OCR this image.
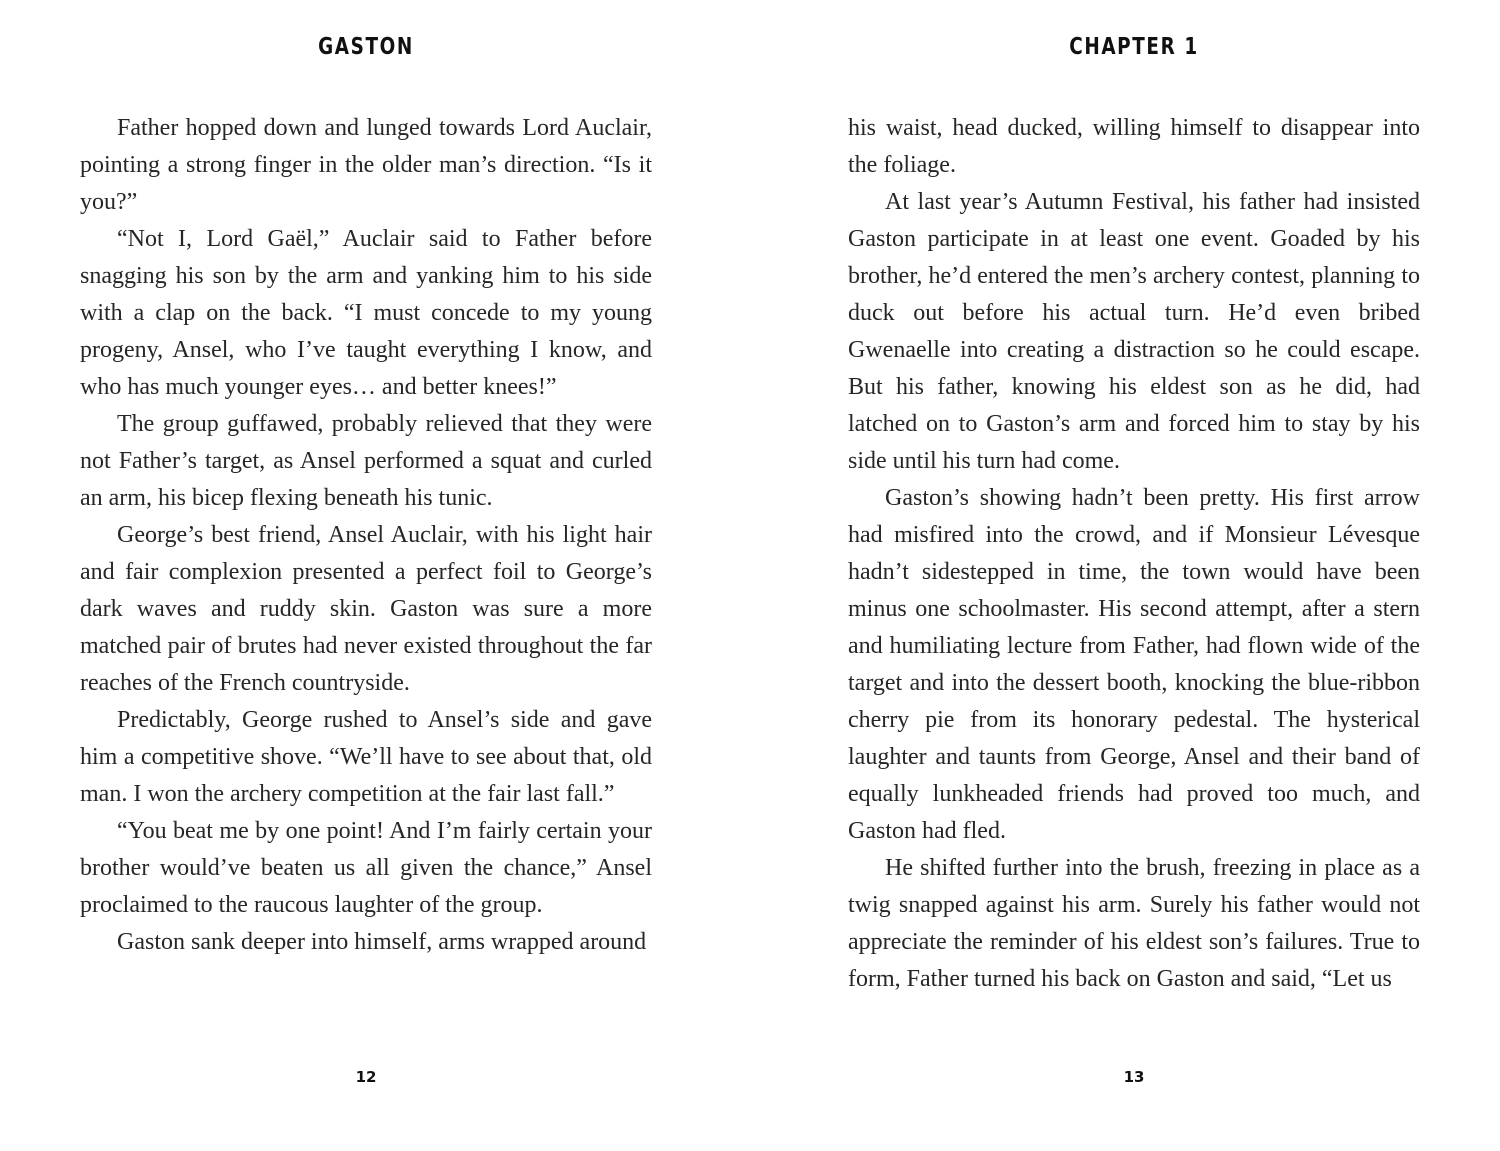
GASTON

Father hopped down and lunged towards Lord Auclair, pointing a strong finger in the older man’s direction. “Is it you?”

“Not I, Lord Gaël,” Auclair said to Father before snagging his son by the arm and yanking him to his side with a clap on the back. “I must concede to my young progeny, Ansel, who I’ve taught everything I know, and who has much younger eyes… and better knees!”

The group guffawed, probably relieved that they were not Father’s target, as Ansel performed a squat and curled an arm, his bicep flexing beneath his tunic.

George’s best friend, Ansel Auclair, with his light hair and fair complexion presented a perfect foil to George’s dark waves and ruddy skin. Gaston was sure a more matched pair of brutes had never existed throughout the far reaches of the French countryside.

Predictably, George rushed to Ansel’s side and gave him a competitive shove. “We’ll have to see about that, old man. I won the archery competition at the fair last fall.”

“You beat me by one point! And I’m fairly certain your brother would’ve beaten us all given the chance,” Ansel proclaimed to the raucous laughter of the group.

Gaston sank deeper into himself, arms wrapped around

12
CHAPTER 1

his waist, head ducked, willing himself to disappear into the foliage.

At last year’s Autumn Festival, his father had insisted Gaston participate in at least one event. Goaded by his brother, he’d entered the men’s archery contest, planning to duck out before his actual turn. He’d even bribed Gwenaelle into creating a distraction so he could escape. But his father, knowing his eldest son as he did, had latched on to Gaston’s arm and forced him to stay by his side until his turn had come.

Gaston’s showing hadn’t been pretty. His first arrow had misfired into the crowd, and if Monsieur Lévesque hadn’t sidestepped in time, the town would have been minus one schoolmaster. His second attempt, after a stern and humiliating lecture from Father, had flown wide of the target and into the dessert booth, knocking the blue-ribbon cherry pie from its honorary pedestal. The hysterical laughter and taunts from George, Ansel and their band of equally lunkheaded friends had proved too much, and Gaston had fled.

He shifted further into the brush, freezing in place as a twig snapped against his arm. Surely his father would not appreciate the reminder of his eldest son’s failures. True to form, Father turned his back on Gaston and said, “Let us

13
